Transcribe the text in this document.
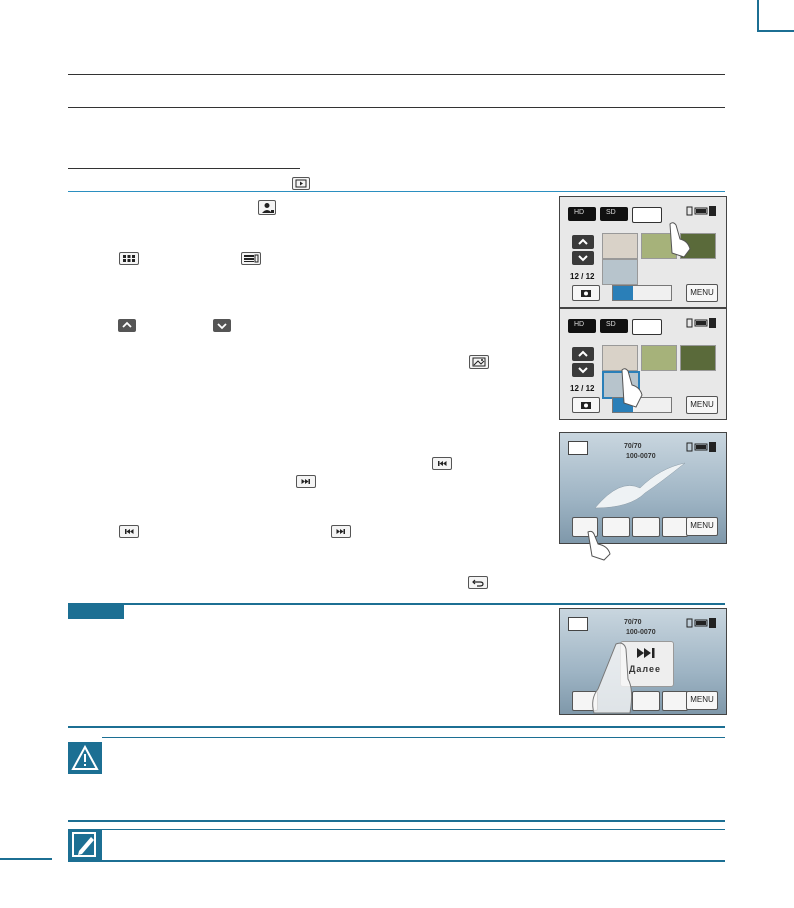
HD	SD
12 / 12
MENU
HD	SD
12 / 12
MENU
70/70
100-0070
MENU
70/70
100-0070
Далее
MENU
